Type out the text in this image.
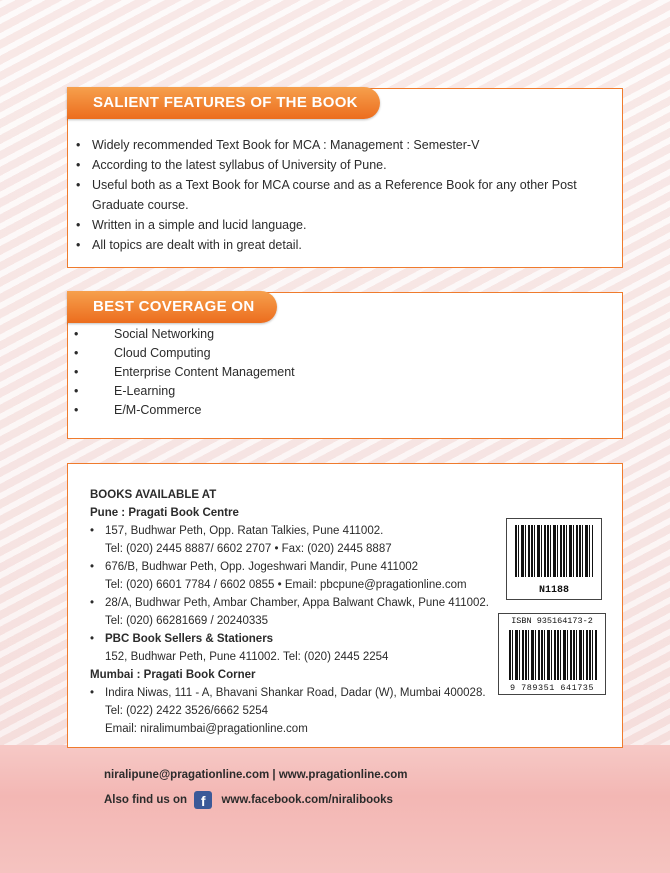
SALIENT FEATURES OF THE BOOK
• Widely recommended Text Book for MCA : Management : Semester-V
• According to the latest syllabus of University of Pune.
• Useful both as a Text Book for MCA course and as a Reference Book for any other Post Graduate course.
• Written in a simple and lucid language.
• All topics are dealt with in great detail.
BEST COVERAGE ON
• Social Networking
• Cloud Computing
• Enterprise Content Management
• E-Learning
• E/M-Commerce
BOOKS AVAILABLE AT
Pune : Pragati Book Centre
• 157, Budhwar Peth, Opp. Ratan Talkies, Pune 411002.
Tel: (020) 2445 8887/ 6602 2707 • Fax: (020) 2445 8887
• 676/B, Budhwar Peth, Opp. Jogeshwari Mandir, Pune 411002
Tel: (020) 6601 7784 / 6602 0855 • Email: pbcpune@pragationline.com
• 28/A, Budhwar Peth, Ambar Chamber, Appa Balwant Chawk, Pune 411002.
Tel: (020) 66281669 / 20240335
• PBC Book Sellers & Stationers
152, Budhwar Peth, Pune 411002. Tel: (020) 2445 2254
Mumbai : Pragati Book Corner
• Indira Niwas, 111 - A, Bhavani Shankar Road, Dadar (W), Mumbai 400028.
Tel: (022) 2422 3526/6662 5254
Email: niralimumbai@pragationline.com
N1188
ISBN 935164173-2
9 789351 641735
niralipune@pragationline.com | www.pragationline.com
Also find us on f www.facebook.com/niralibooks
